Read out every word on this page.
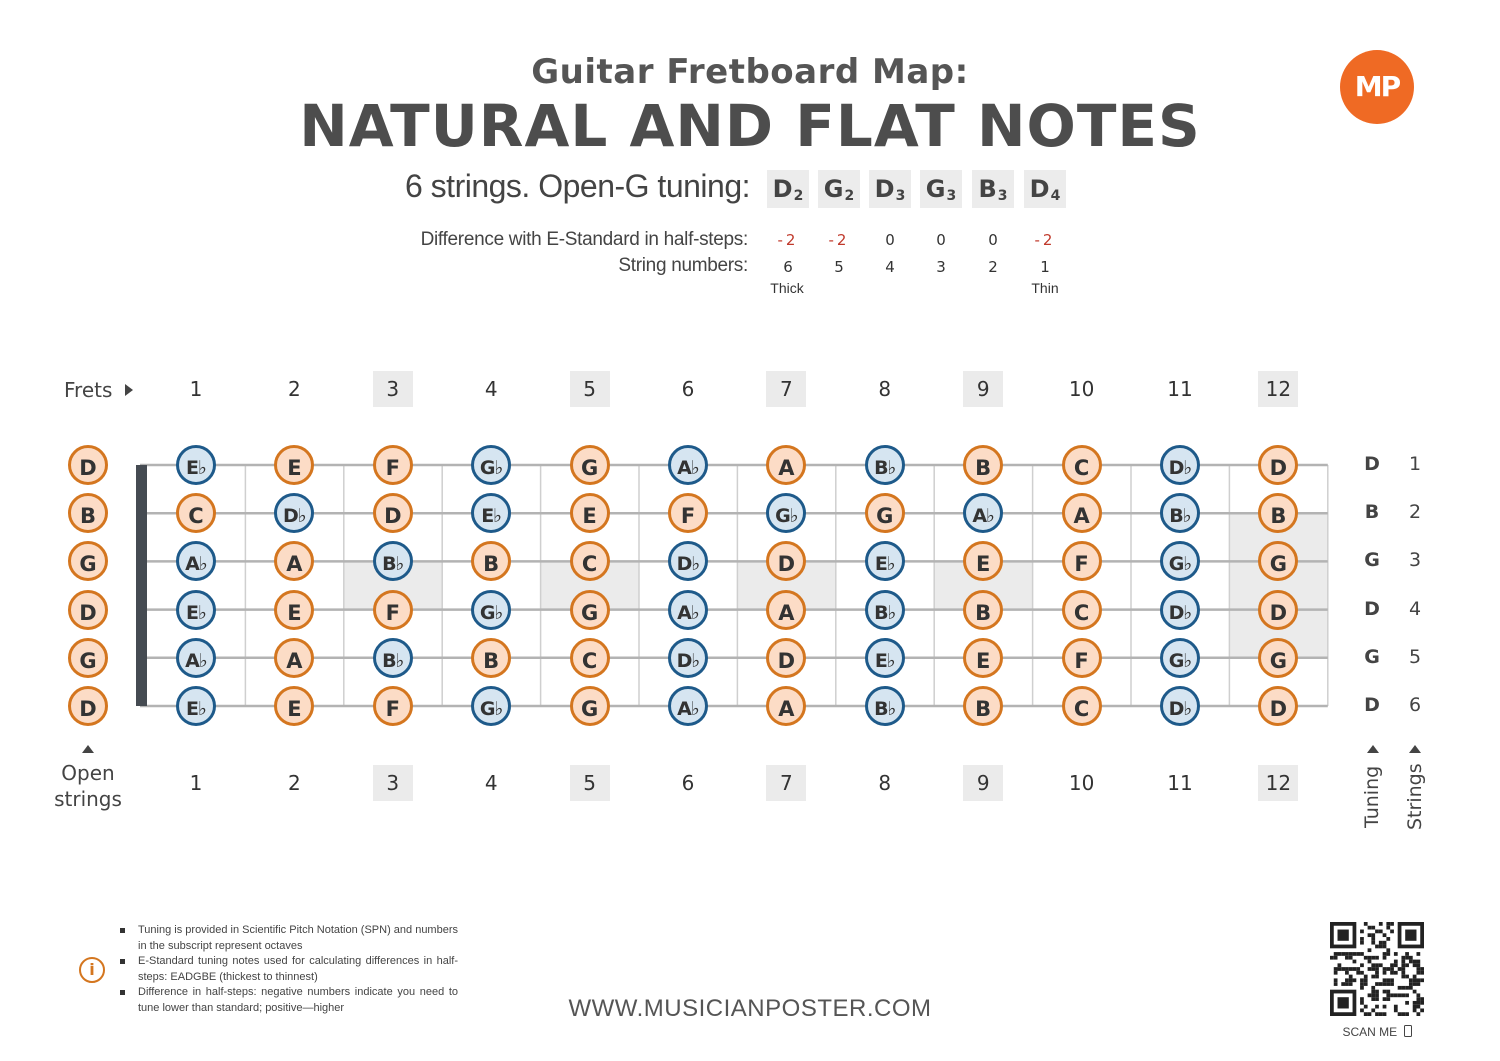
Guitar Fretboard Map:
NATURAL AND FLAT NOTES
MP
6 strings. Open-G tuning: $D_2$ $G_2$ $D_3$ $G_3$ $B_3$ $D_4$
Difference with E-Standard in half-steps:
String numbers:
-2	-2	0	0	0	-2
6	5	4	3	2	1
Thick	Thin
Frets	1	2	3	4	5	6	7	8	9	10	11	12
1	2	3	4	5	6	7	8	9	10	11	12
D	E♭	E	F	G♭	G	A♭	A	B♭	B	C	D♭	D
B	C	D♭	D	E♭	E	F	G♭	G	A♭	A	B♭	B
G	A♭	A	B♭	B	C	D♭	D	E♭	E	F	G♭	G
D	E♭	E	F	G♭	G	A♭	A	B♭	B	C	D♭	D
G	A♭	A	B♭	B	C	D♭	D	E♭	E	F	G♭	G
D	E♭	E	F	G♭	G	A♭	A	B♭	B	C	D♭	D
D	1
B	2
G	3
D	4
G	5
D	6
Open
strings	Tuning Strings
i
Tuning is provided in Scientific Pitch Notation (SPN) and numbers in the subscript represent octaves
E-Standard tuning notes used for calculating differences in half-steps: EADGBE (thickest to thinnest)
Difference in half-steps: negative numbers indicate you need to tune lower than standard; positive—higher	WWW.MUSICIANPOSTER.COM
SCAN ME
